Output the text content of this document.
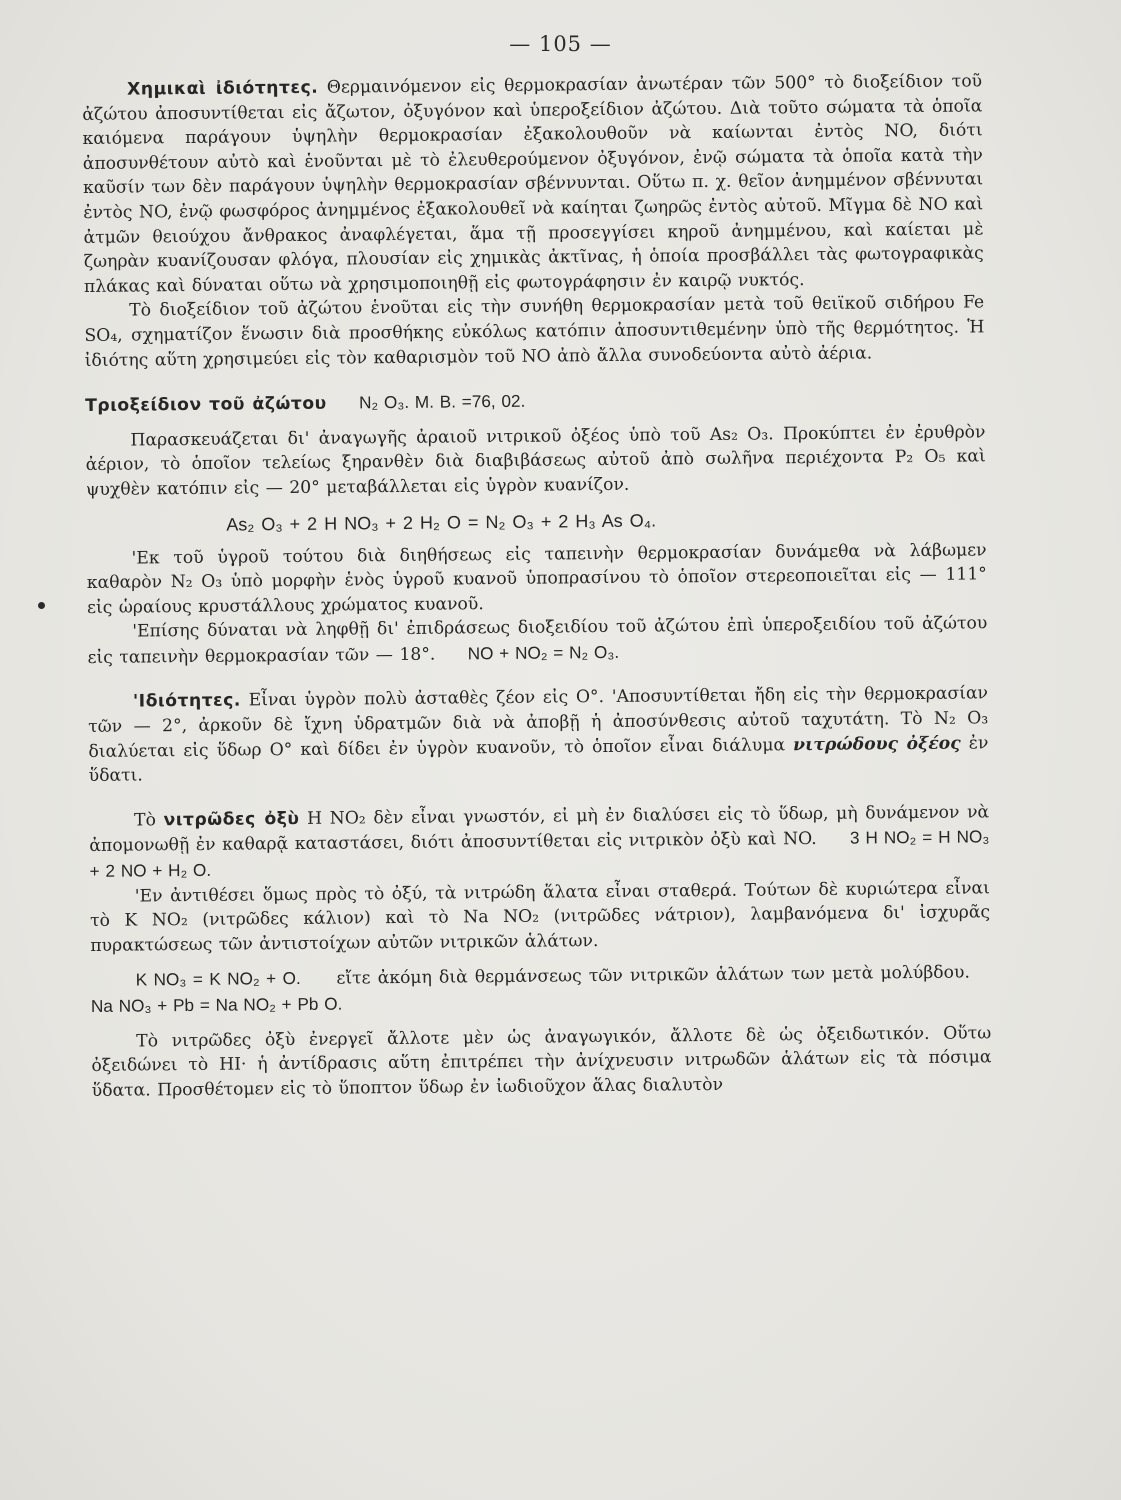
— 105 —

Χημικαὶ ἰδιότητες. Θερμαινόμενον εἰς θερμοκρασίαν ἀνωτέραν τῶν 500° τὸ διοξείδιον τοῦ ἀζώτου ἀποσυντίθεται εἰς ἄζωτον, ὀξυγόνον καὶ ὑπεροξείδιον ἀζώτου. Διὰ τοῦτο σώματα τὰ ὁποῖα καιόμενα παράγουν ὑψηλὴν θερμοκρασίαν ἐξακολουθοῦν νὰ καίωνται ἐντὸς NO, διότι ἀποσυνθέτουν αὐτὸ καὶ ἑνοῦνται μὲ τὸ ἐλευθερούμενον ὀξυγόνον, ἐνῷ σώματα τὰ ὁποῖα κατὰ τὴν καῦσίν των δὲν παράγουν ὑψηλὴν θερμοκρασίαν σβέννυνται. Οὕτω π. χ. θεῖον ἀνημμένον σβέννυται ἐντὸς NO, ἐνῷ φωσφόρος ἀνημμένος ἐξακολουθεῖ νὰ καίηται ζωηρῶς ἐντὸς αὐτοῦ. Μῖγμα δὲ NO καὶ ἀτμῶν θειούχου ἄνθρακος ἀναφλέγεται, ἅμα τῇ προσεγγίσει κηροῦ ἀνημμένου, καὶ καίεται μὲ ζωηρὰν κυανίζουσαν φλόγα, πλουσίαν εἰς χημικὰς ἀκτῖνας, ἡ ὁποία προσβάλλει τὰς φωτογραφικὰς πλάκας καὶ δύναται οὕτω νὰ χρησιμοποιηθῇ εἰς φωτογράφησιν ἐν καιρῷ νυκτός.

Τὸ διοξείδιον τοῦ ἀζώτου ἑνοῦται εἰς τὴν συνήθη θερμοκρασίαν μετὰ τοῦ θειϊκοῦ σιδήρου Fe SO₄, σχηματίζον ἕνωσιν διὰ προσθήκης εὐκόλως κατόπιν ἀποσυντιθεμένην ὑπὸ τῆς θερμότητος. Ἡ ἰδιότης αὕτη χρησιμεύει εἰς τὸν καθαρισμὸν τοῦ NO ἀπὸ ἄλλα συνοδεύοντα αὐτὸ ἀέρια.

Τριοξείδιον τοῦ ἀζώτου N₂ O₃. M. B. =76, 02.

Παρασκευάζεται δι' ἀναγωγῆς ἀραιοῦ νιτρικοῦ ὀξέος ὑπὸ τοῦ As₂ O₃. Προκύπτει ἐν ἐρυθρὸν ἀέριον, τὸ ὁποῖον τελείως ξηρανθὲν διὰ διαβιβάσεως αὐτοῦ ἀπὸ σωλῆνα περιέχοντα P₂ O₅ καὶ ψυχθὲν κατόπιν εἰς — 20° μεταβάλλεται εἰς ὑγρὸν κυανίζον.

As₂ O₃ + 2 H NO₃ + 2 H₂ O = N₂ O₃ + 2 H₃ As O₄.

'Εκ τοῦ ὑγροῦ τούτου διὰ διηθήσεως εἰς ταπεινὴν θερμοκρασίαν δυνάμεθα νὰ λάβωμεν καθαρὸν N₂ O₃ ὑπὸ μορφὴν ἑνὸς ὑγροῦ κυανοῦ ὑποπρασίνου τὸ ὁποῖον στερεοποιεῖται εἰς — 111° εἰς ὡραίους κρυστάλλους χρώματος κυανοῦ.

'Επίσης δύναται νὰ ληφθῇ δι' ἐπιδράσεως διοξειδίου τοῦ ἀζώτου ἐπὶ ὑπεροξειδίου τοῦ ἀζώτου εἰς ταπεινὴν θερμοκρασίαν τῶν — 18°. NO + NO₂ = N₂ O₃.

'Ιδιότητες. Εἶναι ὑγρὸν πολὺ ἀσταθὲς ζέον εἰς O°. 'Αποσυντίθεται ἤδη εἰς τὴν θερμοκρασίαν τῶν — 2°, ἀρκοῦν δὲ ἴχνη ὑδρατμῶν διὰ νὰ ἀποβῇ ἡ ἀποσύνθεσις αὐτοῦ ταχυτάτη. Τὸ N₂ O₃ διαλύεται εἰς ὕδωρ O° καὶ δίδει ἐν ὑγρὸν κυανοῦν, τὸ ὁποῖον εἶναι διάλυμα νιτρώδους ὀξέος ἐν ὕδατι.

Τὸ νιτρῶδες ὀξὺ H NO₂ δὲν εἶναι γνωστόν, εἰ μὴ ἐν διαλύσει εἰς τὸ ὕδωρ, μὴ δυνάμενον νὰ ἀπομονωθῇ ἐν καθαρᾷ καταστάσει, διότι ἀποσυντίθεται εἰς νιτρικὸν ὀξὺ καὶ NO. 3 H NO₂ = H NO₃ + 2 NO + H₂ O.

'Εν ἀντιθέσει ὅμως πρὸς τὸ ὀξύ, τὰ νιτρώδη ἅλατα εἶναι σταθερά. Τούτων δὲ κυριώτερα εἶναι τὸ K NO₂ (νιτρῶδες κάλιον) καὶ τὸ Na NO₂ (νιτρῶδες νάτριον), λαμβανόμενα δι' ἰσχυρᾶς πυρακτώσεως τῶν ἀντιστοίχων αὐτῶν νιτρικῶν ἁλάτων.

K NO₃ = K NO₂ + O. εἴτε ἀκόμη διὰ θερμάνσεως τῶν νιτρικῶν ἁλάτων των μετὰ μολύβδου.    Na NO₃ + Pb = Na NO₂ + Pb O.

Τὸ νιτρῶδες ὀξὺ ἐνεργεῖ ἄλλοτε μὲν ὡς ἀναγωγικόν, ἄλλοτε δὲ ὡς ὀξειδωτικόν. Οὕτω ὀξειδώνει τὸ HI· ἡ ἀντίδρασις αὕτη ἐπιτρέπει τὴν ἀνίχνευσιν νιτρωδῶν ἁλάτων εἰς τὰ πόσιμα ὕδατα. Προσθέτομεν εἰς τὸ ὕποπτον ὕδωρ ἐν ἰωδιοῦχον ἅλας διαλυτὸν
